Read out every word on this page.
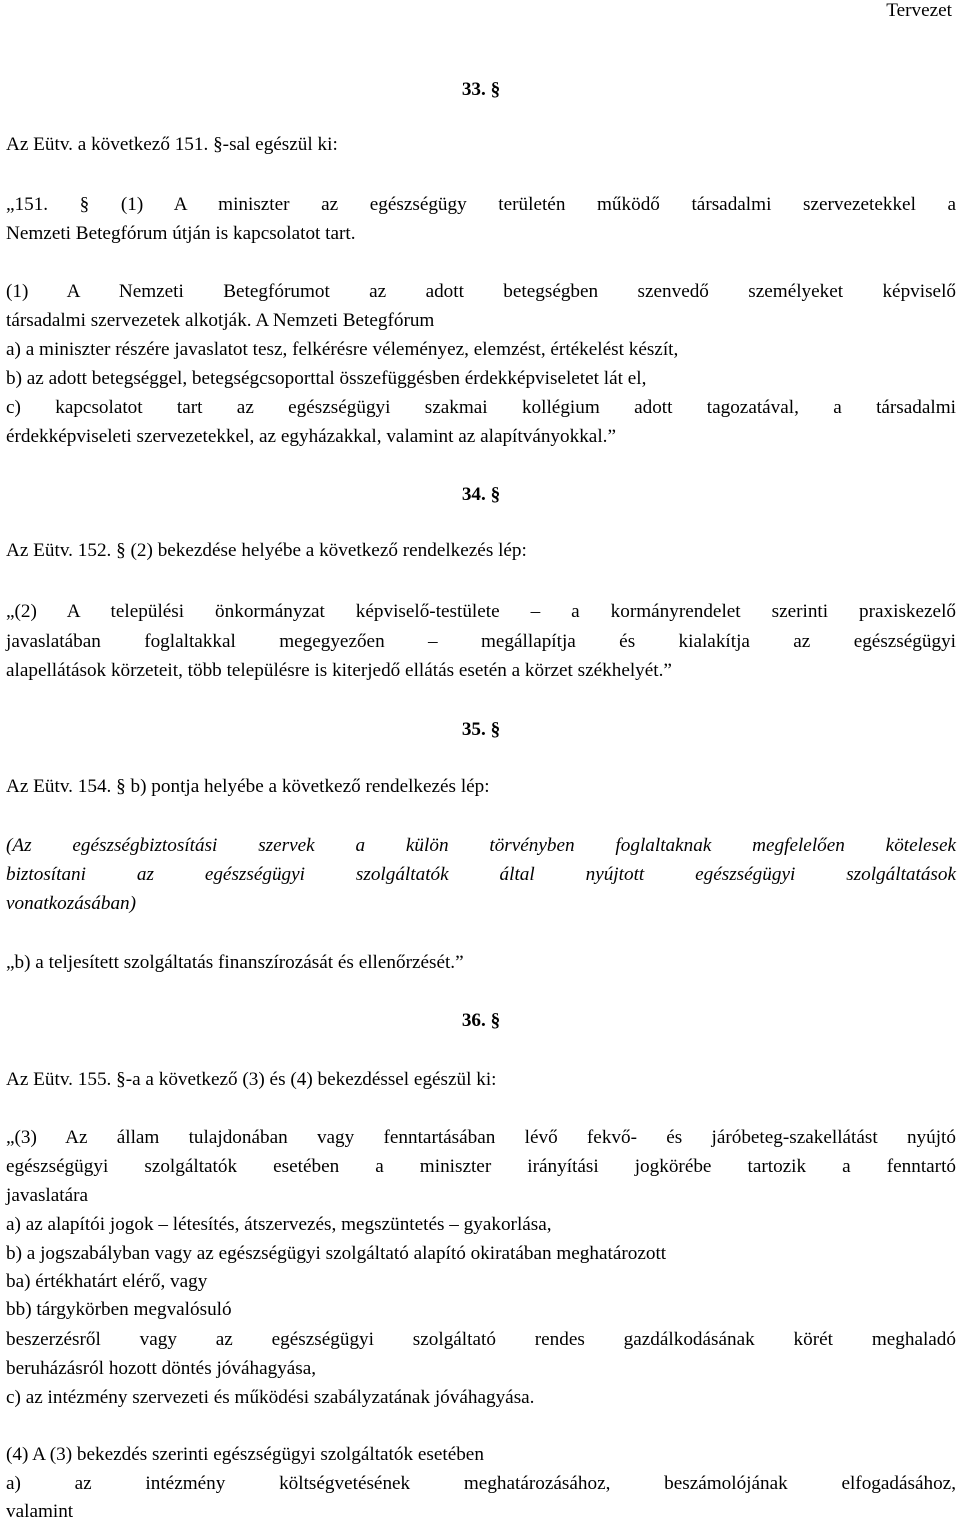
Tervezet
33. §
Az Eütv. a következő 151. §-sal egészül ki:
„151. § (1) A miniszter az egészségügy területén működő társadalmi szervezetekkel a
Nemzeti Betegfórum útján is kapcsolatot tart.
(1) A Nemzeti Betegfórumot az adott betegségben szenvedő személyeket képviselő
társadalmi szervezetek alkotják. A Nemzeti Betegfórum
a) a miniszter részére javaslatot tesz, felkérésre véleményez, elemzést, értékelést készít,
b) az adott betegséggel, betegségcsoporttal összefüggésben érdekképviseletet lát el,
c) kapcsolatot tart az egészségügyi szakmai kollégium adott tagozatával, a társadalmi
érdekképviseleti szervezetekkel, az egyházakkal, valamint az alapítványokkal.”
34. §
Az Eütv. 152. § (2) bekezdése helyébe a következő rendelkezés lép:
„(2) A települési önkormányzat képviselő-testülete – a kormányrendelet szerinti praxiskezelő
javaslatában foglaltakkal megegyezően – megállapítja és kialakítja az egészségügyi
alapellátások körzeteit, több településre is kiterjedő ellátás esetén a körzet székhelyét.”
35. §
Az Eütv. 154. § b) pontja helyébe a következő rendelkezés lép:
(Az egészségbiztosítási szervek a külön törvényben foglaltaknak megfelelően kötelesek
biztosítani az egészségügyi szolgáltatók által nyújtott egészségügyi szolgáltatások
vonatkozásában)
„b) a teljesített szolgáltatás finanszírozását és ellenőrzését.”
36. §
Az Eütv. 155. §-a a következő (3) és (4) bekezdéssel egészül ki:
„(3) Az állam tulajdonában vagy fenntartásában lévő fekvő- és járóbeteg-szakellátást nyújtó
egészségügyi szolgáltatók esetében a miniszter irányítási jogkörébe tartozik a fenntartó
javaslatára
a) az alapítói jogok – létesítés, átszervezés, megszüntetés – gyakorlása,
b) a jogszabályban vagy az egészségügyi szolgáltató alapító okiratában meghatározott
ba) értékhatárt elérő, vagy
bb) tárgykörben megvalósuló
beszerzésről vagy az egészségügyi szolgáltató rendes gazdálkodásának körét meghaladó
beruházásról hozott döntés jóváhagyása,
c) az intézmény szervezeti és működési szabályzatának jóváhagyása.
(4) A (3) bekezdés szerinti egészségügyi szolgáltatók esetében
a) az intézmény költségvetésének meghatározásához, beszámolójának elfogadásához,
valamint
